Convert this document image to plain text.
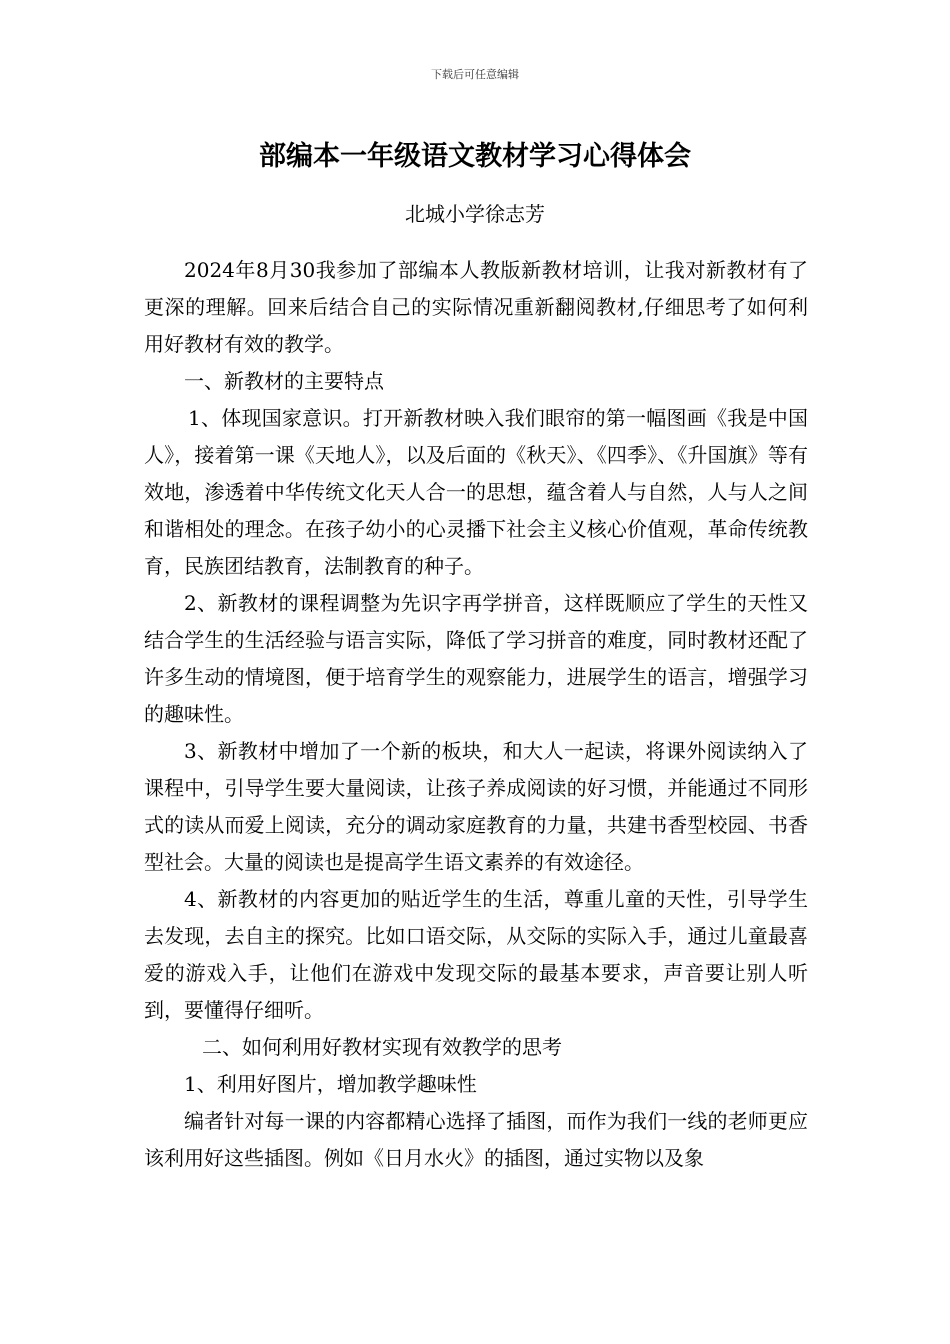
下载后可任意编辑
部编本一年级语文教材学习心得体会
北城小学徐志芳

2024年8月30我参加了部编本人教版新教材培训，让我对新教材有了更深的理解。回来后结合自己的实际情况重新翻阅教材,仔细思考了如何利用好教材有效的教学。

一、新教材的主要特点

1、体现国家意识。打开新教材映入我们眼帘的第一幅图画《我是中国人》，接着第一课《天地人》，以及后面的《秋天》、《四季》、《升国旗》等有效地，渗透着中华传统文化天人合一的思想，蕴含着人与自然，人与人之间和谐相处的理念。在孩子幼小的心灵播下社会主义核心价值观，革命传统教育，民族团结教育，法制教育的种子。

2、新教材的课程调整为先识字再学拼音，这样既顺应了学生的天性又结合学生的生活经验与语言实际，降低了学习拼音的难度，同时教材还配了许多生动的情境图，便于培育学生的观察能力，进展学生的语言，增强学习的趣味性。

3、新教材中增加了一个新的板块，和大人一起读，将课外阅读纳入了课程中，引导学生要大量阅读，让孩子养成阅读的好习惯，并能通过不同形式的读从而爱上阅读，充分的调动家庭教育的力量，共建书香型校园、书香型社会。大量的阅读也是提高学生语文素养的有效途径。

4、新教材的内容更加的贴近学生的生活，尊重儿童的天性，引导学生去发现，去自主的探究。比如口语交际，从交际的实际入手，通过儿童最喜爱的游戏入手，让他们在游戏中发现交际的最基本要求，声音要让别人听到，要懂得仔细听。

二、如何利用好教材实现有效教学的思考

1、利用好图片，增加教学趣味性

编者针对每一课的内容都精心选择了插图，而作为我们一线的老师更应该利用好这些插图。例如《日月水火》的插图，通过实物以及象
